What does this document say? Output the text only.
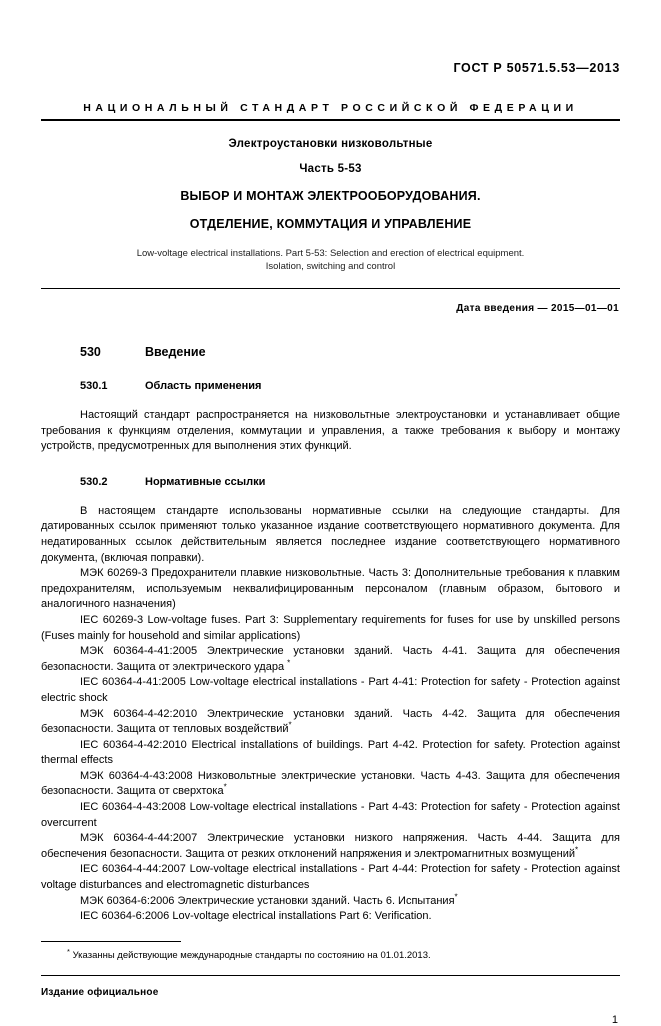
ГОСТ Р 50571.5.53—2013
НАЦИОНАЛЬНЫЙ СТАНДАРТ РОССИЙСКОЙ ФЕДЕРАЦИИ
Электроустановки низковольтные
Часть 5-53
ВЫБОР И МОНТАЖ ЭЛЕКТРООБОРУДОВАНИЯ.
ОТДЕЛЕНИЕ, КОММУТАЦИЯ И УПРАВЛЕНИЕ
Low-voltage electrical installations. Part 5-53: Selection and erection of electrical equipment.
Isolation, switching and control
Дата введения — 2015—01—01
530	Введение
530.1	Область применения

Настоящий стандарт распространяется на низковольтные электроустановки и устанавливает общие требования к функциям отделения, коммутации и управления, а также требования к выбору и монтажу устройств, предусмотренных для выполнения этих функций.

530.2	Нормативные ссылки

В настоящем стандарте использованы нормативные ссылки на следующие стандарты. Для датированных ссылок применяют только указанное издание соответствующего нормативного документа. Для недатированных ссылок действительным является последнее издание соответствующего нормативного документа, (включая поправки).

МЭК 60269-3 Предохранители плавкие низковольтные. Часть 3: Дополнительные требования к плавким предохранителям, используемым неквалифицированным персоналом (главным образом, бытового и аналогичного назначения)

IEC 60269-3 Low-voltage fuses. Part 3: Supplementary requirements for fuses for use by unskilled persons (Fuses mainly for household and similar applications)

МЭК 60364-4-41:2005 Электрические установки зданий. Часть 4-41. Защита для обеспечения безопасности. Защита от электрического удара *

IEC 60364-4-41:2005 Low-voltage electrical installations - Part 4-41: Protection for safety - Protection against electric shock

МЭК 60364-4-42:2010 Электрические установки зданий. Часть 4-42. Защита для обеспечения безопасности. Защита от тепловых воздействий*

IEC 60364-4-42:2010 Electrical installations of buildings. Part 4-42. Protection for safety. Protection against thermal effects

МЭК 60364-4-43:2008 Низковольтные электрические установки. Часть 4-43. Защита для обеспечения безопасности. Защита от сверхтока*

IEC 60364-4-43:2008 Low-voltage electrical installations - Part 4-43: Protection for safety - Protection against overcurrent

МЭК 60364-4-44:2007 Электрические установки низкого напряжения. Часть 4-44. Защита для обеспечения безопасности. Защита от резких отклонений напряжения и электромагнитных возмущений*

IEC 60364-4-44:2007 Low-voltage electrical installations - Part 4-44: Protection for safety - Protection against voltage disturbances and electromagnetic disturbances

МЭК 60364-6:2006 Электрические установки зданий. Часть 6. Испытания*

IEC 60364-6:2006 Lov-voltage electrical installations Part 6: Verification.

* Указанны действующие международные стандарты по состоянию на 01.01.2013.

Издание официальное
1
